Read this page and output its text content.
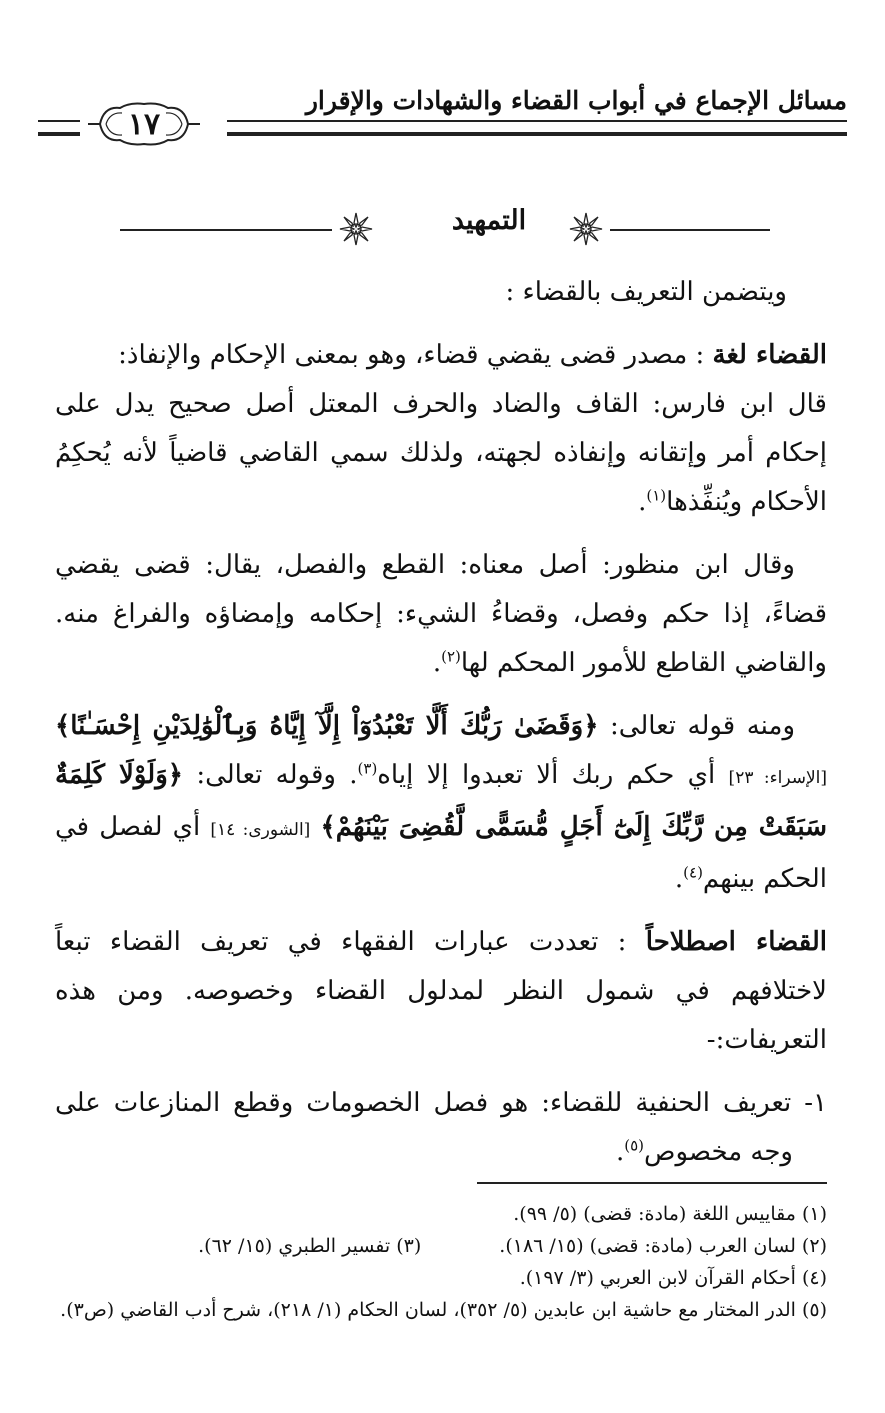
مسائل الإجماع في أبواب القضاء والشهادات والإقرار
١٧
التمهيد

ويتضمن التعريف بالقضاء :

القضاء لغة : مصدر قضى يقضي قضاء، وهو بمعنى الإحكام والإنفاذ:

قال ابن فارس: القاف والضاد والحرف المعتل أصل صحيح يدل على إحكام أمر وإتقانه وإنفاذه لجهته، ولذلك سمي القاضي قاضياً لأنه يُحكِمُ الأحكام ويُنفِّذها$^{(١)}$.

وقال ابن منظور: أصل معناه: القطع والفصل، يقال: قضى يقضي قضاءً، إذا حكم وفصل، وقضاءُ الشيء: إحكامه وإمضاؤه والفراغ منه. والقاضي القاطع للأمور المحكم لها$^{(٢)}$.

ومنه قوله تعالى: ﴿وَقَضَىٰ رَبُّكَ أَلَّا تَعْبُدُوٓاْ إِلَّآ إِيَّاهُ وَبِٱلْوَٰلِدَيْنِ إِحْسَـٰنًا﴾ [الإسراء: ٢٣] أي حكم ربك ألا تعبدوا إلا إياه$^{(٣)}$. وقوله تعالى: ﴿وَلَوْلَا كَلِمَةٌ سَبَقَتْ مِن رَّبِّكَ إِلَىٰٓ أَجَلٍ مُّسَمًّى لَّقُضِىَ بَيْنَهُمْ﴾ [الشورى: ١٤] أي لفصل في الحكم بينهم$^{(٤)}$.

القضاء اصطلاحاً : تعددت عبارات الفقهاء في تعريف القضاء تبعاً لاختلافهم في شمول النظر لمدلول القضاء وخصوصه. ومن هذه التعريفات:-

١- تعريف الحنفية للقضاء: هو فصل الخصومات وقطع المنازعات على وجه مخصوص$^{(٥)}$.

(١) مقاييس اللغة (مادة: قضى) (٥/ ٩٩).
(٢) لسان العرب (مادة: قضى) (١٥/ ١٨٦).
(٣) تفسير الطبري (١٥/ ٦٢).
(٤) أحكام القرآن لابن العربي (٣/ ١٩٧).
(٥) الدر المختار مع حاشية ابن عابدين (٥/ ٣٥٢)، لسان الحكام (١/ ٢١٨)، شرح أدب القاضي (ص٣).
